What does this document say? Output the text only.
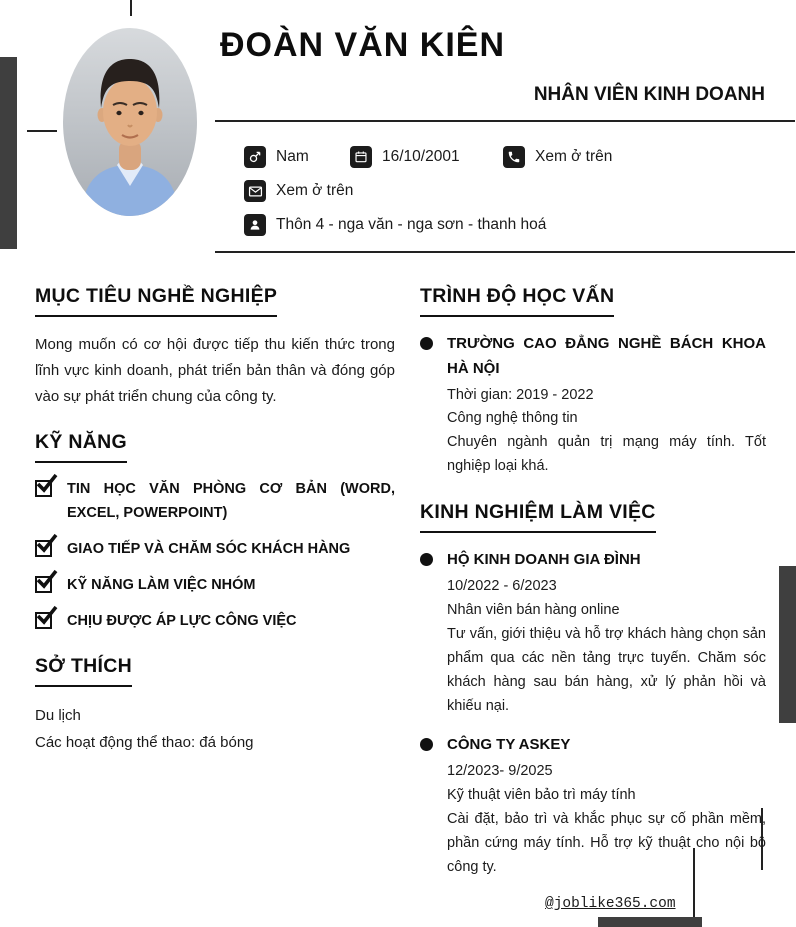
ĐOÀN VĂN KIÊN
NHÂN VIÊN KINH DOANH
Nam	16/10/2001	Xem ở trên
Xem ở trên
Thôn 4 - nga văn - nga sơn - thanh hoá
MỤC TIÊU NGHỀ NGHIỆP
Mong muốn có cơ hội được tiếp thu kiến thức trong lĩnh vực kinh doanh, phát triển bản thân và đóng góp vào sự phát triển chung của công ty.
KỸ NĂNG
TIN HỌC VĂN PHÒNG CƠ BẢN (WORD, EXCEL, POWERPOINT)
GIAO TIẾP VÀ CHĂM SÓC KHÁCH HÀNG
KỸ NĂNG LÀM VIỆC NHÓM
CHỊU ĐƯỢC ÁP LỰC CÔNG VIỆC
SỞ THÍCH
Du lịch
Các hoạt động thể thao: đá bóng
TRÌNH ĐỘ HỌC VẤN
TRƯỜNG CAO ĐẲNG NGHỀ BÁCH KHOA HÀ NỘI
Thời gian: 2019 - 2022
Công nghệ thông tin
Chuyên ngành quản trị mạng máy tính. Tốt nghiệp loại khá.
KINH NGHIỆM LÀM VIỆC
HỘ KINH DOANH GIA ĐÌNH
10/2022 - 6/2023
Nhân viên bán hàng online
Tư vấn, giới thiệu và hỗ trợ khách hàng chọn sản phẩm qua các nền tảng trực tuyến. Chăm sóc khách hàng sau bán hàng, xử lý phản hồi và khiếu nại.
CÔNG TY ASKEY
12/2023- 9/2025
Kỹ thuật viên bảo trì máy tính
Cài đặt, bảo trì và khắc phục sự cố phần mềm, phần cứng máy tính. Hỗ trợ kỹ thuật cho nội bộ công ty.
@joblike365.com
